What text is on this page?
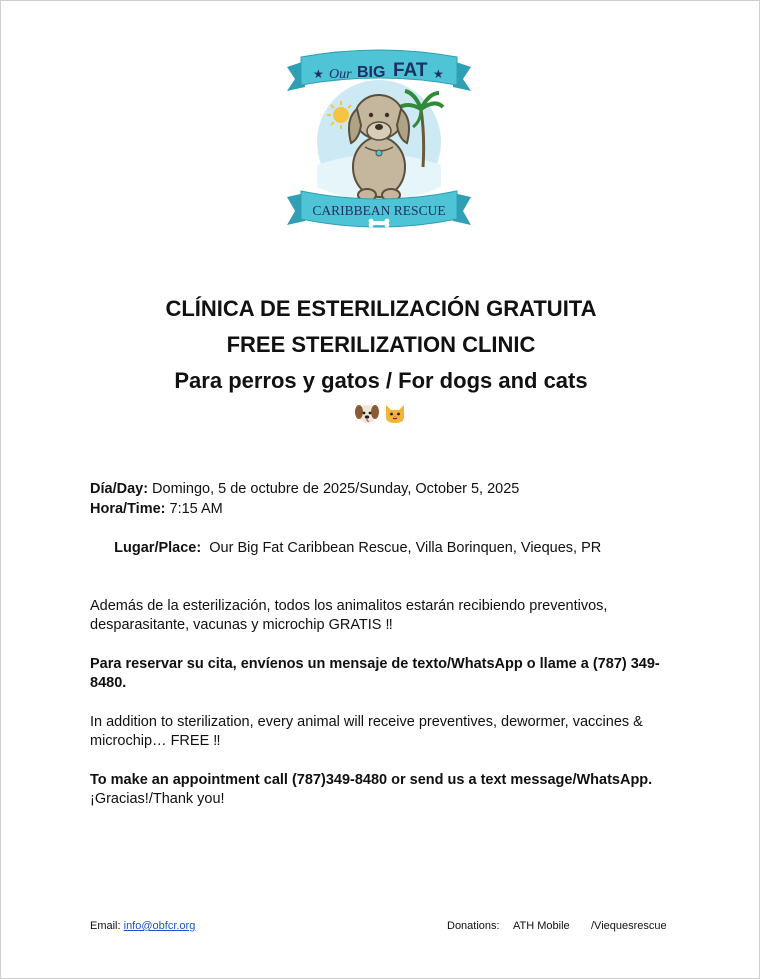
★	★
Our BIG FAT
CARIBBEAN RESCUE
CLÍNICA DE ESTERILIZACIÓN GRATUITA
FREE STERILIZATION CLINIC
Para perros y gatos / For dogs and cats

Día/Day: Domingo, 5 de octubre de 2025/Sunday, October 5, 2025

Hora/Time: 7:15 AM

Lugar/Place:  Our Big Fat Caribbean Rescue, Villa Borinquen, Vieques, PR

Además de la esterilización, todos los animalitos estarán recibiendo preventivos, desparasitante, vacunas y microchip GRATIS ‼

Para reservar su cita, envíenos un mensaje de texto/WhatsApp o llame a (787) 349-8480.

In addition to sterilization, every animal will receive preventives, dewormer, vaccines & microchip… FREE ‼

To make an appointment call (787)349-8480 or send us a text message/WhatsApp.

¡Gracias!/Thank you!

Email: info@obfcr.org	Donations:	ATH Mobile	/Viequesrescue
